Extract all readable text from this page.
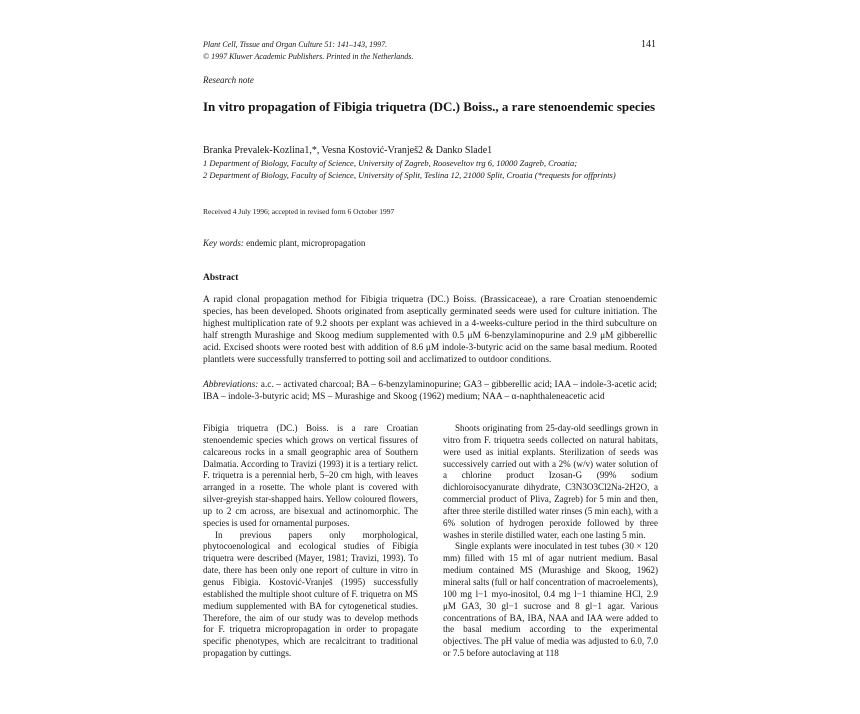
Plant Cell, Tissue and Organ Culture 51: 141–143, 1997.
© 1997 Kluwer Academic Publishers. Printed in the Netherlands.
141
Research note
In vitro propagation of Fibigia triquetra (DC.) Boiss., a rare stenoendemic species
Branka Prevalek-Kozlina1,*, Vesna Kostović-Vranješ2 & Danko Slade1
1 Department of Biology, Faculty of Science, University of Zagreb, Rooseveltov trg 6, 10000 Zagreb, Croatia;
2 Department of Biology, Faculty of Science, University of Split, Teslina 12, 21000 Split, Croatia (*requests for offprints)
Received 4 July 1996; accepted in revised form 6 October 1997
Key words: endemic plant, micropropagation
Abstract

A rapid clonal propagation method for Fibigia triquetra (DC.) Boiss. (Brassicaceae), a rare Croatian stenoendemic species, has been developed. Shoots originated from aseptically germinated seeds were used for culture initiation. The highest multiplication rate of 9.2 shoots per explant was achieved in a 4-weeks-culture period in the third subculture on half strength Murashige and Skoog medium supplemented with 0.5 μM 6-benzylaminopurine and 2.9 μM gibberellic acid. Excised shoots were rooted best with addition of 8.6 μM indole-3-butyric acid on the same basal medium. Rooted plantlets were successfully transferred to potting soil and acclimatized to outdoor conditions.

Abbreviations: a.c. – activated charcoal; BA – 6-benzylaminopurine; GA3 – gibberellic acid; IAA – indole-3-acetic acid; IBA – indole-3-butyric acid; MS – Murashige and Skoog (1962) medium; NAA – α-naphthaleneacetic acid

Fibigia triquetra (DC.) Boiss. is a rare Croatian stenoendemic species which grows on vertical fissures of calcareous rocks in a small geographic area of Southern Dalmatia. According to Travizi (1993) it is a tertiary relict. F. triquetra is a perennial herb, 5–20 cm high, with leaves arranged in a rosette. The whole plant is covered with silver-greyish star-shapped hairs. Yellow coloured flowers, up to 2 cm across, are bisexual and actinomorphic. The species is used for ornamental purposes.

In previous papers only morphological, phytocoenological and ecological studies of Fibigia triquetra were described (Mayer, 1981; Travizi, 1993). To date, there has been only one report of culture in vitro in genus Fibigia. Kostović-Vranješ (1995) successfully established the multiple shoot culture of F. triquetra on MS medium supplemented with BA for cytogenetical studies. Therefore, the aim of our study was to develop methods for F. triquetra micropropagation in order to propagate specific phenotypes, which are recalcitrant to traditional propagation by cuttings.

Shoots originating from 25-day-old seedlings grown in vitro from F. triquetra seeds collected on natural habitats, were used as initial explants. Sterilization of seeds was successively carried out with a 2% (w/v) water solution of a chlorine product Izosan-G (99% sodium dichloroisocyanurate dihydrate, C3N3O3Cl2Na-2H2O, a commercial product of Pliva, Zagreb) for 5 min and then, after three sterile distilled water rinses (5 min each), with a 6% solution of hydrogen peroxide followed by three washes in sterile distilled water, each one lasting 5 min.

Single explants were inoculated in test tubes (30 × 120 mm) filled with 15 ml of agar nutrient medium. Basal medium contained MS (Murashige and Skoog, 1962) mineral salts (full or half concentration of macroelements), 100 mg l−1 myo-inositol, 0.4 mg l−1 thiamine HCl, 2.9 μM GA3, 30 gl−1 sucrose and 8 gl−1 agar. Various concentrations of BA, IBA, NAA and IAA were added to the basal medium according to the experimental objectives. The pH value of media was adjusted to 6.0, 7.0 or 7.5 before autoclaving at 118
